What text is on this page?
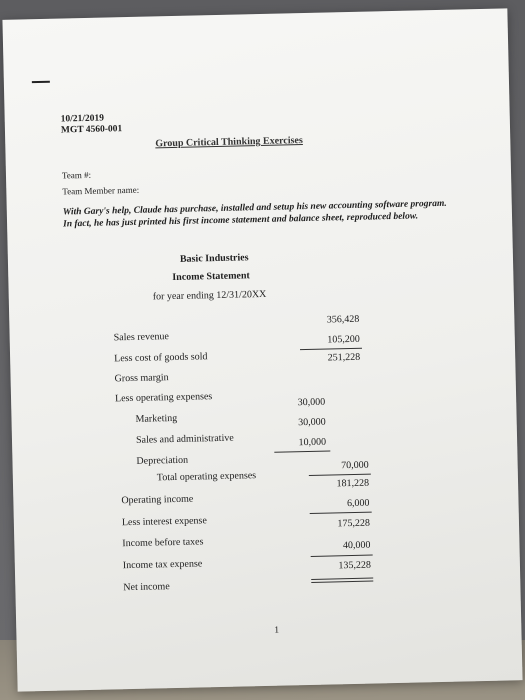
10/21/2019
MGT 4560-001
Group Critical Thinking Exercises
Team #:
Team Member name:
With Gary's help, Claude has purchase, installed and setup his new accounting software program. In fact, he has just printed his first income statement and balance sheet, reproduced below.
Basic Industries
Income Statement
for year ending 12/31/20XX
Sales revenue
356,428
Less cost of goods sold
105,200
Gross margin
251,228
Less operating expenses
Marketing
30,000
Sales and administrative
30,000
Depreciation
10,000
Total operating expenses
70,000
Operating income
181,228
Less interest expense
6,000
Income before taxes
175,228
Income tax expense
40,000
Net income
135,228
1
